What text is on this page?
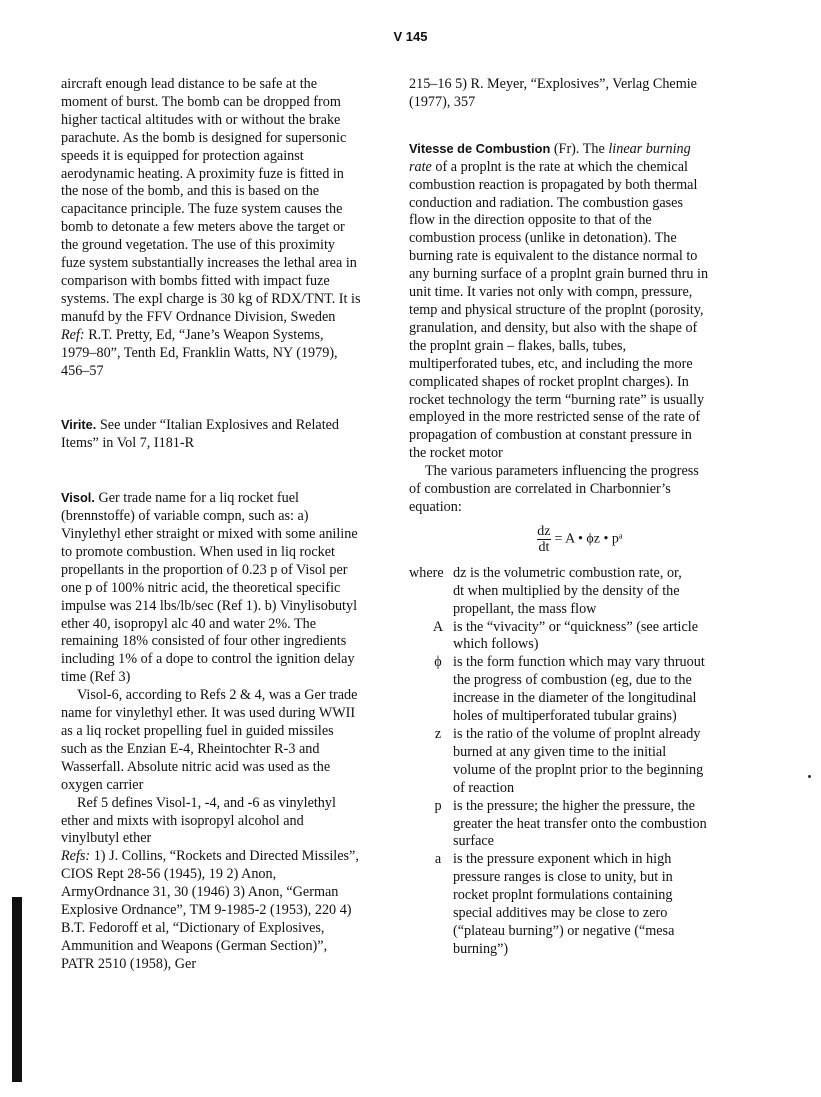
V 145

aircraft enough lead distance to be safe at the moment of burst. The bomb can be dropped from higher tactical altitudes with or without the brake parachute. As the bomb is designed for supersonic speeds it is equipped for protection against aerodynamic heating. A proximity fuze is fitted in the nose of the bomb, and this is based on the capacitance principle. The fuze system causes the bomb to detonate a few meters above the target or the ground vegetation. The use of this proximity fuze system substantially increases the lethal area in comparison with bombs fitted with impact fuze systems. The expl charge is 30 kg of RDX/TNT. It is manufd by the FFV Ordnance Division, Sweden
Ref: R.T. Pretty, Ed, “Jane’s Weapon Systems, 1979–80”, Tenth Ed, Franklin Watts, NY (1979), 456–57

Virite. See under “Italian Explosives and Related Items” in Vol 7, I181-R

Visol. Ger trade name for a liq rocket fuel (brennstoffe) of variable compn, such as: a) Vinylethyl ether straight or mixed with some aniline to promote combustion. When used in liq rocket propellants in the proportion of 0.23 p of Visol per one p of 100% nitric acid, the theoretical specific impulse was 214 lbs/lb/sec (Ref 1). b) Vinylisobutyl ether 40, isopropyl alc 40 and water 2%. The remaining 18% consisted of four other ingredients including 1% of a dope to control the ignition delay time (Ref 3)

Visol-6, according to Refs 2 & 4, was a Ger trade name for vinylethyl ether. It was used during WWII as a liq rocket propelling fuel in guided missiles such as the Enzian E-4, Rheintochter R-3 and Wasserfall. Absolute nitric acid was used as the oxygen carrier

Ref 5 defines Visol-1, -4, and -6 as vinylethyl ether and mixts with isopropyl alcohol and vinylbutyl ether

Refs: 1) J. Collins, “Rockets and Directed Missiles”, CIOS Rept 28-56 (1945), 19 2) Anon, ArmyOrdnance 31, 30 (1946) 3) Anon, “German Explosive Ordnance”, TM 9-1985-2 (1953), 220 4) B.T. Fedoroff et al, “Dictionary of Explosives, Ammunition and Weapons (German Section)”, PATR 2510 (1958), Ger

215–16 5) R. Meyer, “Explosives”, Verlag Chemie (1977), 357

Vitesse de Combustion (Fr). The linear burning rate of a proplnt is the rate at which the chemical combustion reaction is propagated by both thermal conduction and radiation. The combustion gases flow in the direction opposite to that of the combustion process (unlike in detonation). The burning rate is equivalent to the distance normal to any burning surface of a proplnt grain burned thru in unit time. It varies not only with compn, pressure, temp and physical structure of the proplnt (porosity, granulation, and density, but also with the shape of the proplnt grain – flakes, balls, tubes, multiperforated tubes, etc, and including the more complicated shapes of rocket proplnt charges). In rocket technology the term “burning rate” is usually employed in the more restricted sense of the rate of propagation of combustion at constant pressure in the rocket motor

The various parameters influencing the progress of combustion are correlated in Charbonnier’s equation:

$\frac{dz}{dt} = A$ • ϕz • pᵃ
where dz is the volumetric combustion rate, or,
dt when multiplied by the density of the propellant, the mass flow
A is the “vivacity” or “quickness” (see article which follows)
ϕ is the form function which may vary thruout the progress of combustion (eg, due to the increase in the diameter of the longitudinal holes of multiperforated tubular grains)
z is the ratio of the volume of proplnt already burned at any given time to the initial volume of the proplnt prior to the beginning of reaction
p is the pressure; the higher the pressure, the greater the heat transfer onto the combustion surface
a is the pressure exponent which in high pressure ranges is close to unity, but in rocket proplnt formulations containing special additives may be close to zero (“plateau burning”) or negative (“mesa burning”)
